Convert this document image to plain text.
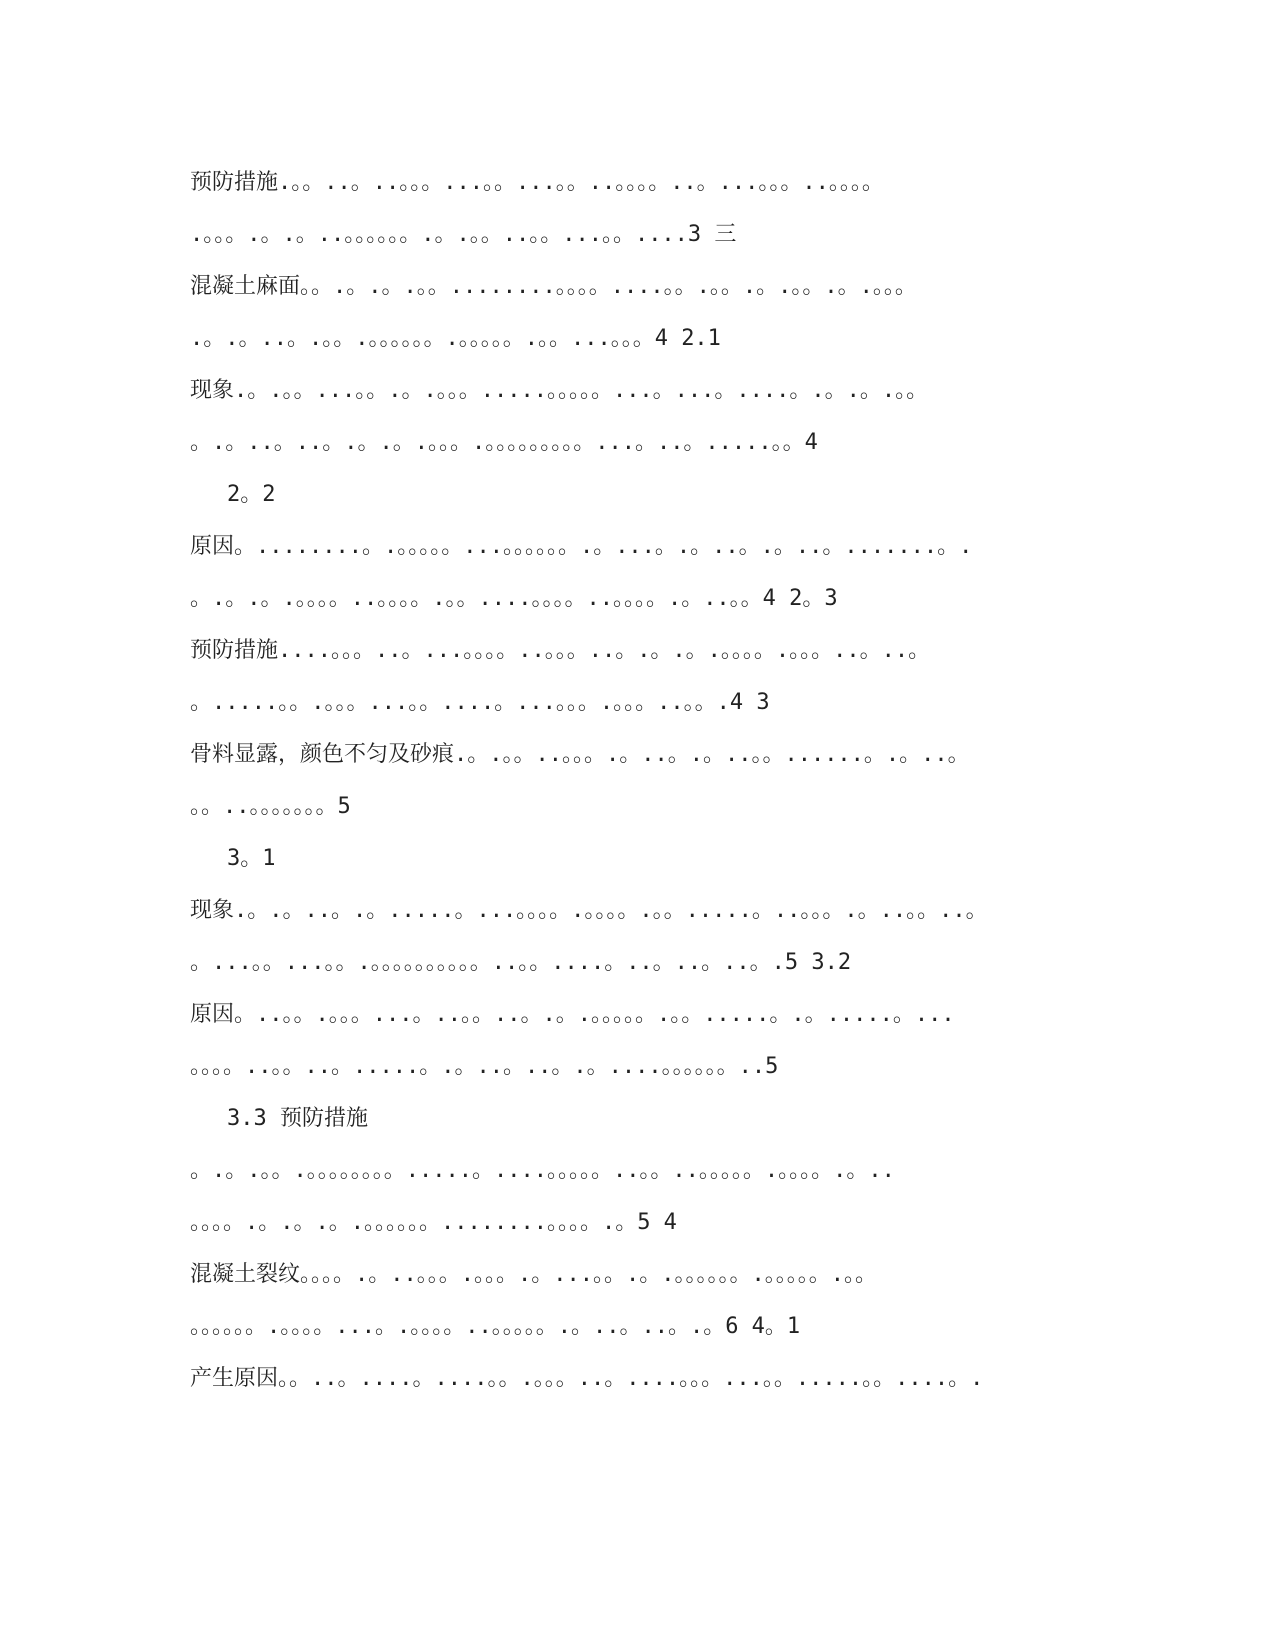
预防措施.。。..。..。。。...。。...。。..。。。。..。...。。。..。。。。
.。。。.。.。..。。。。。。.。.。。..。。...。。....3 三
混凝土麻面。。.。.。.。。........。。。。....。。.。。.。.。。.。.。。。
.。.。..。.。。.。。。。。。.。。。。。.。。...。。。4 2.1
现象.。.。。...。。.。.。。。.....。。。。。...。...。....。.。.。.。。
。.。..。..。.。.。.。。。.。。。。。。。。。...。..。.....。。4
2。2
原因。........。.。。。。。...。。。。。。.。...。.。..。.。..。.......。.
。.。.。.。。。。..。。。。.。。....。。。。..。。。。.。..。。4 2。3
预防措施....。。。..。...。。。。..。。。..。.。.。.。。。。.。。。..。..。
。.....。。.。。。...。。....。...。。。.。。。..。。.4 3
骨料显露，颜色不匀及砂痕.。.。。..。。。.。..。.。..。。......。.。..。
。。..。。。。。。。5
3。1
现象.。.。..。.。.....。...。。。。.。。。。.。。.....。..。。。.。..。。..。
。...。。...。。.。。。。。。。。。。..。。....。..。..。..。.5 3.2
原因。..。。.。。。...。..。。..。.。.。。。。。.。。.....。.。.....。...
。。。。..。。..。.....。.。..。..。.。....。。。。。。..5
3.3 预防措施
。.。.。。.。。。。。。。。.....。....。。。。。..。。..。。。。。.。。。。.。..
。。。。.。.。.。.。。。。。。........。。。。.。5 4
混凝土裂纹。。。。.。..。。。.。。。.。...。。.。.。。。。。。.。。。。。.。。
。。。。。。.。。。。...。.。。。。..。。。。。.。..。..。.。6 4。1
产生原因。。..。....。....。。.。。。..。....。。。...。。.....。。....。.
